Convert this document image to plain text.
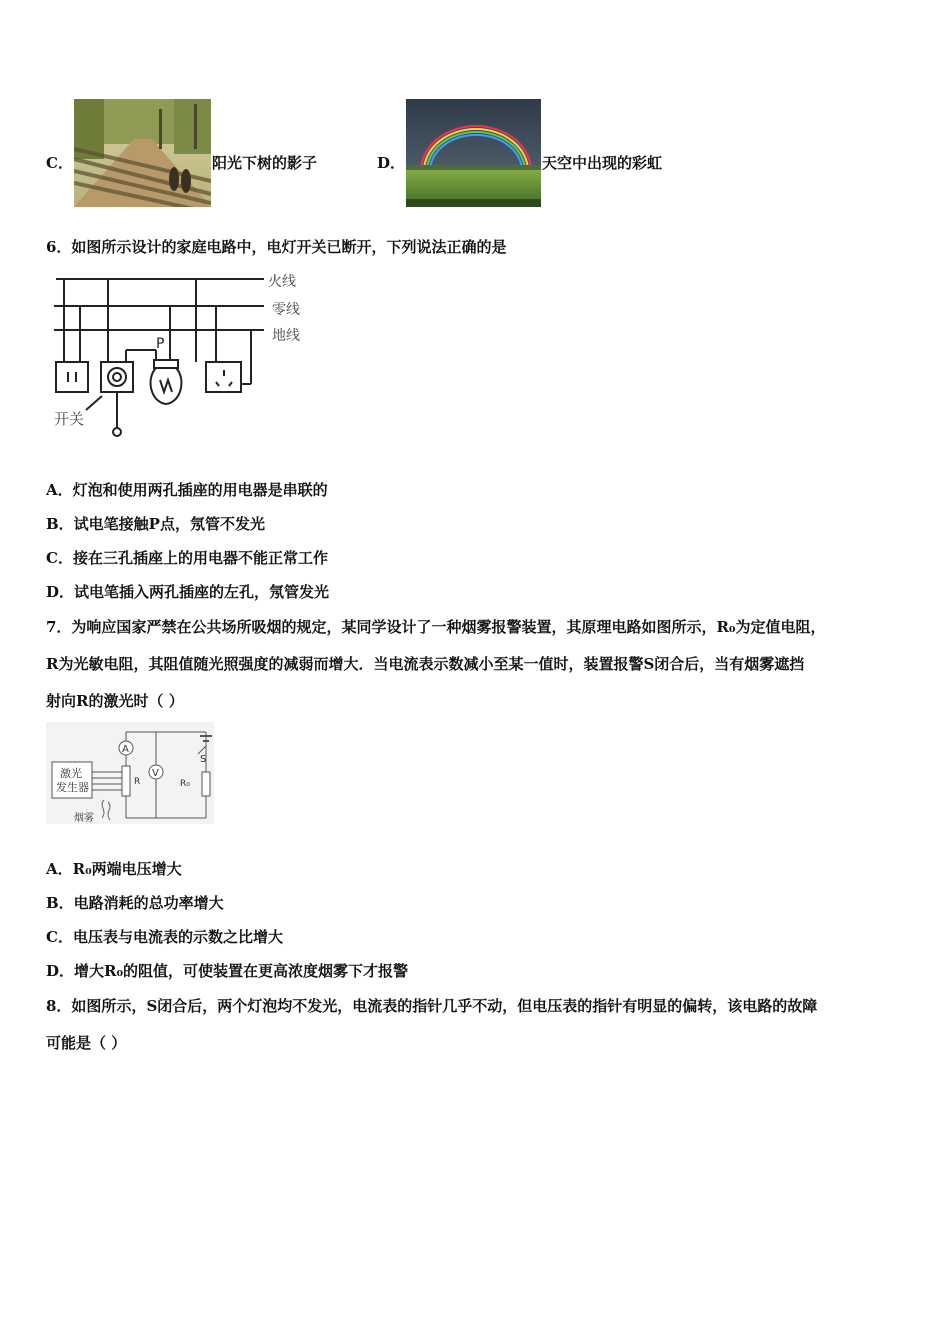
C．	阳光下树的影子	D．	天空中出现的彩虹
6．如图所示设计的家庭电路中，电灯开关已断开，下列说法正确的是
火线
零线
地线
P
开关
A．灯泡和使用两孔插座的用电器是串联的
B．试电笔接触P点，氖管不发光
C．接在三孔插座上的用电器不能正常工作
D．试电笔插入两孔插座的左孔，氖管发光
7．为响应国家严禁在公共场所吸烟的规定，某同学设计了一种烟雾报警装置，其原理电路如图所示，R₀为定值电阻，
R为光敏电阻，其阻值随光照强度的减弱而增大．当电流表示数减小至某一值时，装置报警S闭合后，当有烟雾遮挡
射向R的激光时（ ）
激光
发生器	R
A
V
S
R₀
烟雾
A．R₀两端电压增大
B．电路消耗的总功率增大
C．电压表与电流表的示数之比增大
D．增大R₀的阻值，可使装置在更高浓度烟雾下才报警
8．如图所示，S闭合后，两个灯泡均不发光，电流表的指针几乎不动，但电压表的指针有明显的偏转，该电路的故障
可能是（ ）
